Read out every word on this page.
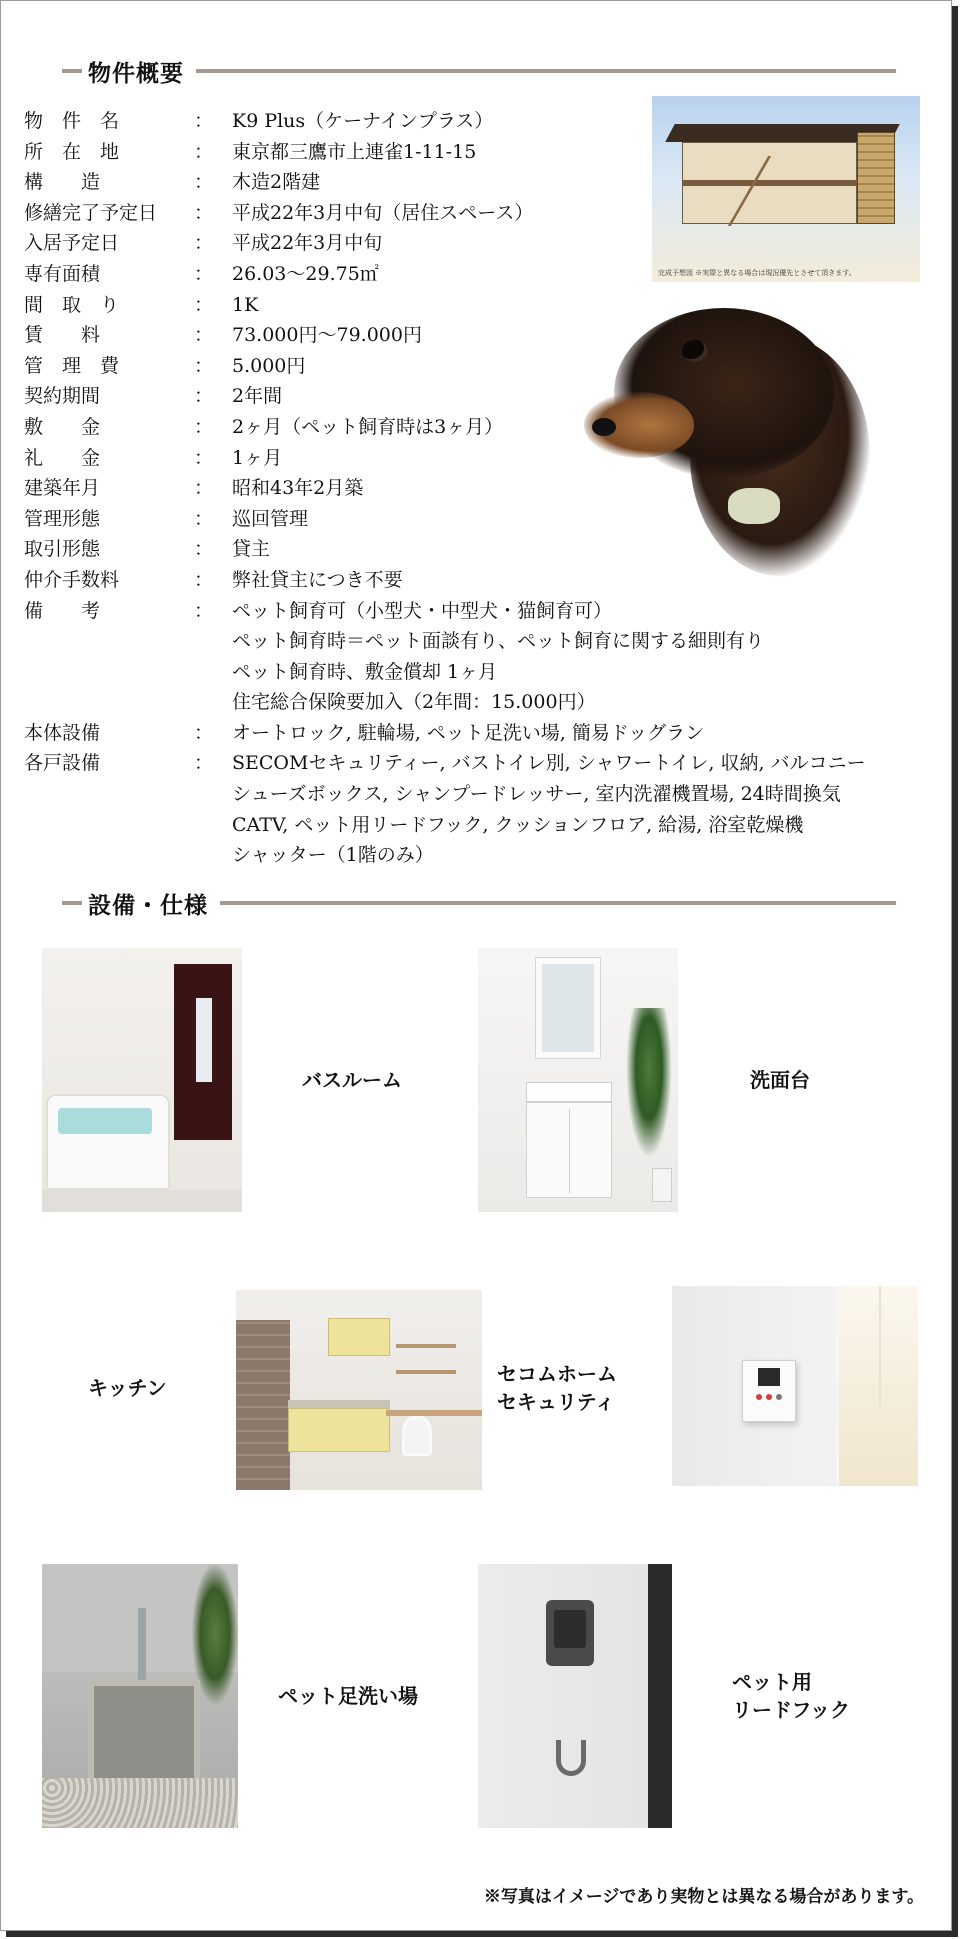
物件概要
物　件　名	： K9 Plus（ケーナインプラス）
所　在　地	： 東京都三鷹市上連雀1-11-15
構　　造	： 木造2階建
修繕完了予定日	： 平成22年3月中旬（居住スペース）
入居予定日	： 平成22年3月中旬
専有面積	： 26.03～29.75㎡
間　取　り	： 1K
賃　　料	： 73.000円～79.000円
管　理　費	： 5.000円
契約期間	： 2年間
敷　　金	： 2ヶ月（ペット飼育時は3ヶ月）
礼　　金	： 1ヶ月
建築年月	： 昭和43年2月築
管理形態	： 巡回管理
取引形態	： 貸主
仲介手数料	： 弊社貸主につき不要
備　　考	： ペット飼育可（小型犬・中型犬・猫飼育可）
ペット飼育時＝ペット面談有り、ペット飼育に関する細則有り
ペット飼育時、敷金償却 1ヶ月
住宅総合保険要加入（2年間：15.000円）
本体設備	： オートロック, 駐輪場, ペット足洗い場, 簡易ドッグラン
各戸設備	： SECOMセキュリティー, バストイレ別, シャワートイレ, 収納, バルコニー
シューズボックス, シャンプードレッサー, 室内洗濯機置場, 24時間換気
CATV, ペット用リードフック, クッションフロア, 給湯, 浴室乾燥機
シャッター（1階のみ）
完成予想図 ※実際と異なる場合は現況優先とさせて頂きます。
設備・仕様
バスルーム	洗面台
キッチン
セコムホーム
セキュリティ
ペット足洗い場
ペット用
リードフック
※写真はイメージであり実物とは異なる場合があります。
